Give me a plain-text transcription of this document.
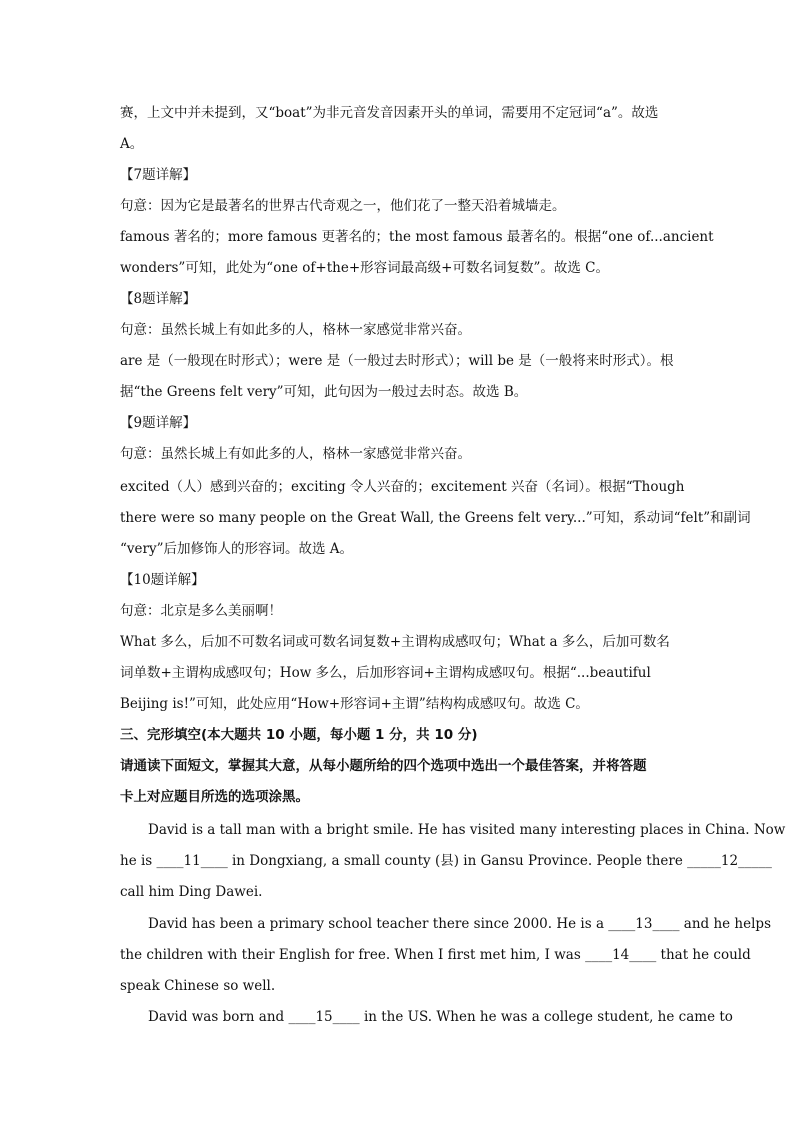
赛，上文中并未提到，又“boat”为非元音发音因素开头的单词，需要用不定冠词“a”。故选
A。
【7题详解】
句意：因为它是最著名的世界古代奇观之一，他们花了一整天沿着城墙走。
famous 著名的；more famous 更著名的；the most famous 最著名的。根据“one of...ancient
wonders”可知，此处为“one of+the+形容词最高级+可数名词复数”。故选 C。
【8题详解】
句意：虽然长城上有如此多的人，格林一家感觉非常兴奋。
are 是（一般现在时形式）；were 是（一般过去时形式）；will be 是（一般将来时形式）。根
据“the Greens felt very”可知，此句因为一般过去时态。故选 B。
【9题详解】
句意：虽然长城上有如此多的人，格林一家感觉非常兴奋。
excited（人）感到兴奋的；exciting 令人兴奋的；excitement 兴奋（名词）。根据“Though
there were so many people on the Great Wall, the Greens felt very...”可知，系动词“felt”和副词
“very”后加修饰人的形容词。故选 A。
【10题详解】
句意：北京是多么美丽啊！
What 多么，后加不可数名词或可数名词复数+主谓构成感叹句；What a 多么，后加可数名
词单数+主谓构成感叹句；How 多么，后加形容词+主谓构成感叹句。根据“...beautiful
Beijing is!”可知，此处应用“How+形容词+主谓”结构构成感叹句。故选 C。
三、完形填空(本大题共 10 小题，每小题 1 分，共 10 分)
请通读下面短文，掌握其大意，从每小题所给的四个选项中选出一个最佳答案，并将答题
卡上对应题目所选的选项涂黑。
David is a tall man with a bright smile. He has visited many interesting places in China. Now
he is ____11____ in Dongxiang, a small county (县) in Gansu Province. People there _____12_____
call him Ding Dawei.
David has been a primary school teacher there since 2000. He is a ____13____ and he helps
the children with their English for free. When I first met him, I was ____14____ that he could
speak Chinese so well.
David was born and ____15____ in the US. When he was a college student, he came to
